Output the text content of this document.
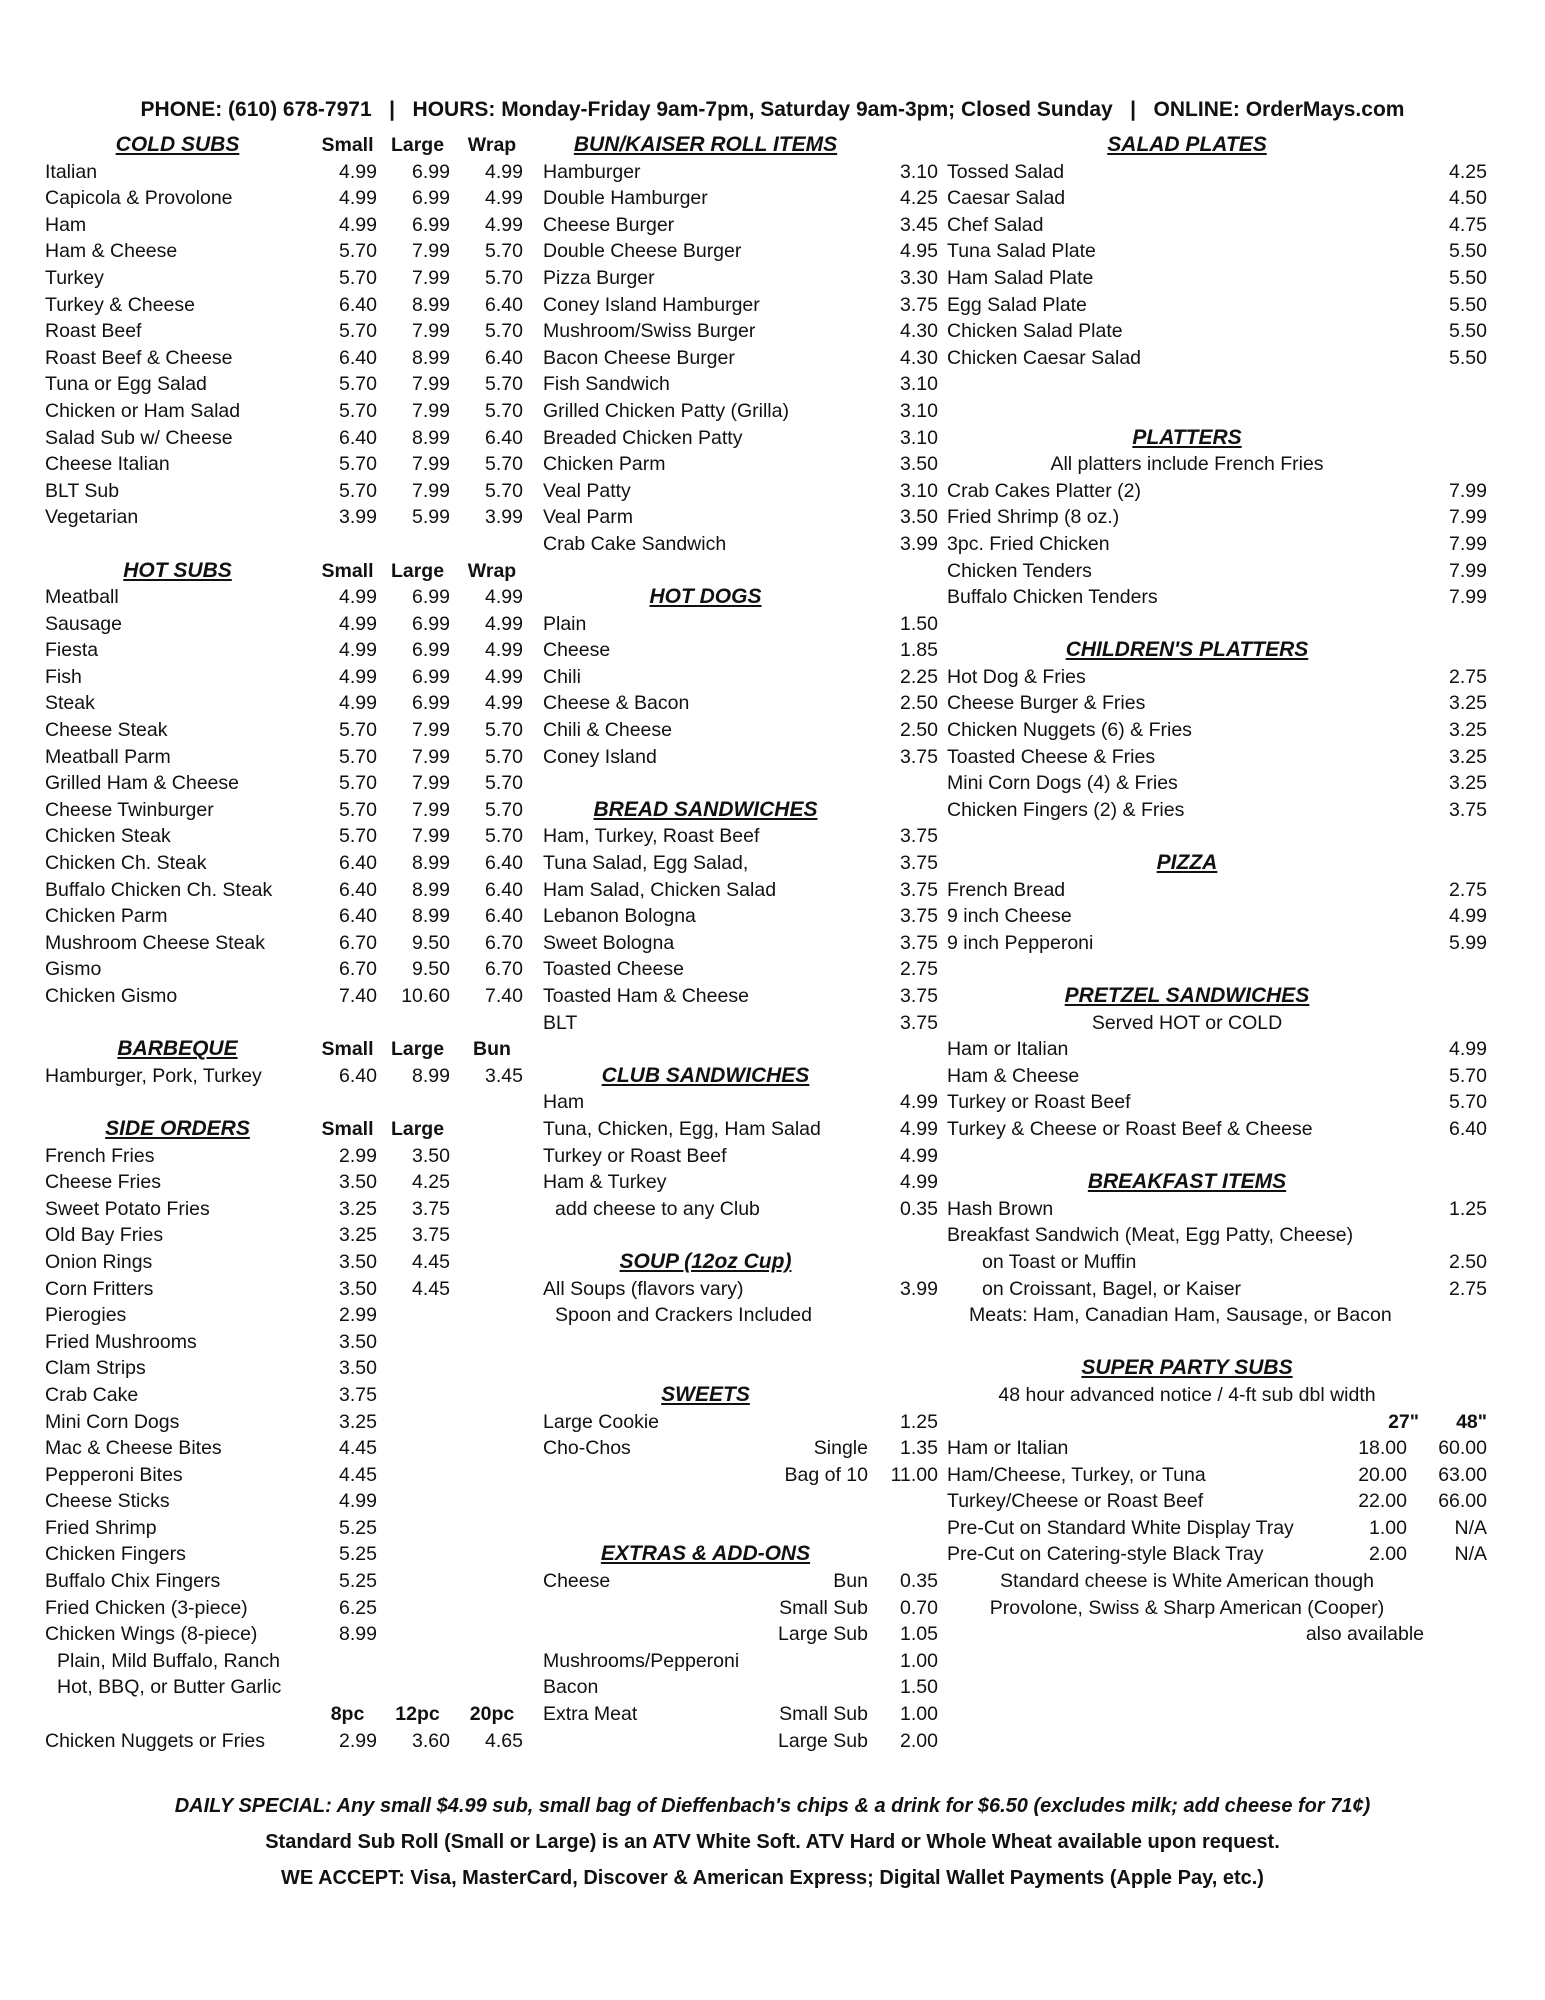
PHONE: (610) 678-7971   |   HOURS: Monday-Friday 9am-7pm, Saturday 9am-3pm; Closed Sunday   |   ONLINE: OrderMays.com
COLD SUBS	Small Large	Wrap
Italian	4.99	6.99	4.99
Capicola & Provolone	4.99	6.99	4.99
Ham	4.99	6.99	4.99
Ham & Cheese	5.70	7.99	5.70
Turkey	5.70	7.99	5.70
Turkey & Cheese	6.40	8.99	6.40
Roast Beef	5.70	7.99	5.70
Roast Beef & Cheese	6.40	8.99	6.40
Tuna or Egg Salad	5.70	7.99	5.70
Chicken or Ham Salad	5.70	7.99	5.70
Salad Sub w/ Cheese	6.40	8.99	6.40
Cheese Italian	5.70	7.99	5.70
BLT Sub	5.70	7.99	5.70
Vegetarian	3.99	5.99	3.99
HOT SUBS	Small Large	Wrap
Meatball	4.99	6.99	4.99
Sausage	4.99	6.99	4.99
Fiesta	4.99	6.99	4.99
Fish	4.99	6.99	4.99
Steak	4.99	6.99	4.99
Cheese Steak	5.70	7.99	5.70
Meatball Parm	5.70	7.99	5.70
Grilled Ham & Cheese	5.70	7.99	5.70
Cheese Twinburger	5.70	7.99	5.70
Chicken Steak	5.70	7.99	5.70
Chicken Ch. Steak	6.40	8.99	6.40
Buffalo Chicken Ch. Steak	6.40	8.99	6.40
Chicken Parm	6.40	8.99	6.40
Mushroom Cheese Steak	6.70	9.50	6.70
Gismo	6.70	9.50	6.70
Chicken Gismo	7.40	10.60	7.40
BARBEQUE	Small Large	Bun
Hamburger, Pork, Turkey	6.40	8.99	3.45
SIDE ORDERS	Small Large
French Fries	2.99	3.50
Cheese Fries	3.50	4.25
Sweet Potato Fries	3.25	3.75
Old Bay Fries	3.25	3.75
Onion Rings	3.50	4.45
Corn Fritters	3.50	4.45
Pierogies	2.99
Fried Mushrooms	3.50
Clam Strips	3.50
Crab Cake	3.75
Mini Corn Dogs	3.25
Mac & Cheese Bites	4.45
Pepperoni Bites	4.45
Cheese Sticks	4.99
Fried Shrimp	5.25
Chicken Fingers	5.25
Buffalo Chix Fingers	5.25
Fried Chicken (3-piece)	6.25
Chicken Wings (8-piece)	8.99
Plain, Mild Buffalo, Ranch
Hot, BBQ, or Butter Garlic
8pc	12pc	20pc
Chicken Nuggets or Fries	2.99	3.60	4.65
BUN/KAISER ROLL ITEMS
Hamburger	3.10
Double Hamburger	4.25
Cheese Burger	3.45
Double Cheese Burger	4.95
Pizza Burger	3.30
Coney Island Hamburger	3.75
Mushroom/Swiss Burger	4.30
Bacon Cheese Burger	4.30
Fish Sandwich	3.10
Grilled Chicken Patty (Grilla)	3.10
Breaded Chicken Patty	3.10
Chicken Parm	3.50
Veal Patty	3.10
Veal Parm	3.50
Crab Cake Sandwich	3.99
HOT DOGS
Plain	1.50
Cheese	1.85
Chili	2.25
Cheese & Bacon	2.50
Chili & Cheese	2.50
Coney Island	3.75
BREAD SANDWICHES
Ham, Turkey, Roast Beef	3.75
Tuna Salad, Egg Salad,	3.75
Ham Salad, Chicken Salad	3.75
Lebanon Bologna	3.75
Sweet Bologna	3.75
Toasted Cheese	2.75
Toasted Ham & Cheese	3.75
BLT	3.75
CLUB SANDWICHES
Ham	4.99
Tuna, Chicken, Egg, Ham Salad	4.99
Turkey or Roast Beef	4.99
Ham & Turkey	4.99
add cheese to any Club	0.35
SOUP (12oz Cup)
All Soups (flavors vary)	3.99
Spoon and Crackers Included
SWEETS
Large Cookie	1.25
Cho-Chos	Single	1.35
Bag of 10	11.00
EXTRAS & ADD-ONS
Cheese	Bun	0.35
Small Sub	0.70
Large Sub	1.05
Mushrooms/Pepperoni	1.00
Bacon	1.50
Extra Meat	Small Sub	1.00
Large Sub	2.00
SALAD PLATES
Tossed Salad	4.25
Caesar Salad	4.50
Chef Salad	4.75
Tuna Salad Plate	5.50
Ham Salad Plate	5.50
Egg Salad Plate	5.50
Chicken Salad Plate	5.50
Chicken Caesar Salad	5.50
PLATTERS
All platters include French Fries
Crab Cakes Platter (2)	7.99
Fried Shrimp (8 oz.)	7.99
3pc. Fried Chicken	7.99
Chicken Tenders	7.99
Buffalo Chicken Tenders	7.99
CHILDREN'S PLATTERS
Hot Dog & Fries	2.75
Cheese Burger & Fries	3.25
Chicken Nuggets (6) & Fries	3.25
Toasted Cheese & Fries	3.25
Mini Corn Dogs (4) & Fries	3.25
Chicken Fingers (2) & Fries	3.75
PIZZA
French Bread	2.75
9 inch Cheese	4.99
9 inch Pepperoni	5.99
PRETZEL SANDWICHES
Served HOT or COLD
Ham or Italian	4.99
Ham & Cheese	5.70
Turkey or Roast Beef	5.70
Turkey & Cheese or Roast Beef & Cheese	6.40
BREAKFAST ITEMS
Hash Brown	1.25
Breakfast Sandwich (Meat, Egg Patty, Cheese)
on Toast or Muffin	2.50
on Croissant, Bagel, or Kaiser	2.75
Meats: Ham, Canadian Ham, Sausage, or Bacon
SUPER PARTY SUBS
48 hour advanced notice / 4-ft sub dbl width
27"	48"
Ham or Italian	18.00	60.00
Ham/Cheese, Turkey, or Tuna	20.00	63.00
Turkey/Cheese or Roast Beef	22.00	66.00
Pre-Cut on Standard White Display Tray	1.00	N/A
Pre-Cut on Catering-style Black Tray	2.00	N/A
Standard cheese is White American though
Provolone, Swiss & Sharp American (Cooper)
also available
DAILY SPECIAL: Any small $4.99 sub, small bag of Dieffenbach's chips & a drink for $6.50 (excludes milk; add cheese for 71¢)
Standard Sub Roll (Small or Large) is an ATV White Soft. ATV Hard or Whole Wheat available upon request.
WE ACCEPT: Visa, MasterCard, Discover & American Express; Digital Wallet Payments (Apple Pay, etc.)
